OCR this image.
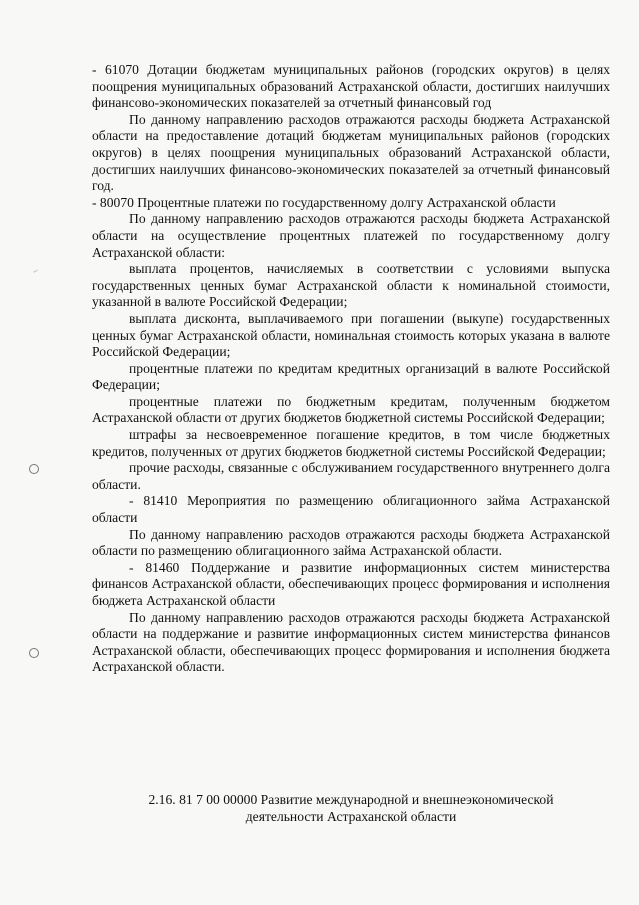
~

- 61070 Дотации бюджетам муниципальных районов (городских округов) в целях поощрения муниципальных образований Астраханской области, достигших наилучших финансово-экономических показателей за отчетный финансовый год

По данному направлению расходов отражаются расходы бюджета Астраханской области на предоставление дотаций бюджетам муниципальных районов (городских округов) в целях поощрения муниципальных образований Астраханской области, достигших наилучших финансово-экономических показателей за отчетный финансовый год.

- 80070 Процентные платежи по государственному долгу Астраханской области

По данному направлению расходов отражаются расходы бюджета Астраханской области на осуществление процентных платежей по государственному долгу Астраханской области:

выплата процентов, начисляемых в соответствии с условиями выпуска государственных ценных бумаг Астраханской области к номинальной стоимости, указанной в валюте Российской Федерации;

выплата дисконта, выплачиваемого при погашении (выкупе) государственных ценных бумаг Астраханской области, номинальная стоимость которых указана в валюте Российской Федерации;

процентные платежи по кредитам кредитных организаций в валюте Российской Федерации;

процентные платежи по бюджетным кредитам, полученным бюджетом Астраханской области от других бюджетов бюджетной системы Российской Федерации;

штрафы за несвоевременное погашение кредитов, в том числе бюджетных кредитов, полученных от других бюджетов бюджетной системы Российской Федерации;

прочие расходы, связанные с обслуживанием государственного внутреннего долга области.

- 81410 Мероприятия по размещению облигационного займа Астраханской области

По данному направлению расходов отражаются расходы бюджета Астраханской области по размещению облигационного займа Астраханской области.

- 81460 Поддержание и развитие информационных систем министерства финансов Астраханской области, обеспечивающих процесс формирования и исполнения бюджета Астраханской области

По данному направлению расходов отражаются расходы бюджета Астраханской области на поддержание и развитие информационных систем министерства финансов Астраханской области, обеспечивающих процесс формирования и исполнения бюджета Астраханской области.

2.16. 81 7 00 00000 Развитие международной и внешнеэкономической
деятельности Астраханской области
